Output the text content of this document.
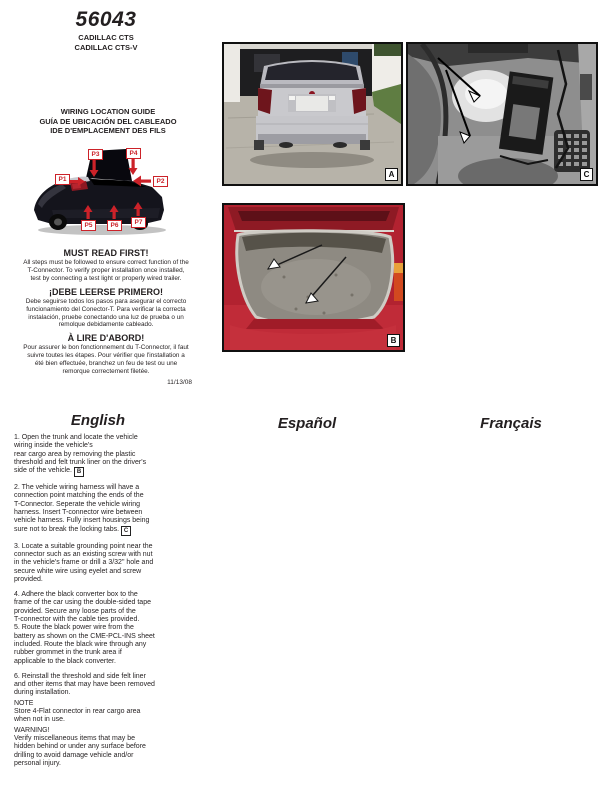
56043
CADILLAC CTS
CADILLAC CTS-V
WIRING LOCATION GUIDE
GUÍA DE UBICACIÓN DEL CABLEADO
IDE D'EMPLACEMENT DES FILS
P1	P2
P3	P4
P5	P6	P7
MUST READ FIRST!
All steps must be followed to ensure correct function of the
T-Connector. To verify proper installation once installed,
test by connecting a test light or properly wired trailer.
¡DEBE LEERSE PRIMERO!
Debe seguirse todos los pasos para asegurar el correcto
funcionamiento del Conector-T. Para verificar la correcta
instalación, pruebe conectando una luz de prueba o un
remolque debidamente cableado.
À LIRE D'ABORD!
Pour assurer le bon fonctionnement du T-Connector, il faut
suivre toutes les étapes. Pour vérifier que l'installation a
été bien effectuée, branchez un feu de test ou une
remorque correctement filetée.
11/13/08
A	C
B
English	Español	Français
1. Open the trunk and locate the vehicle
wiring inside the vehicle's
rear cargo area by removing the plastic
threshold and felt trunk liner on the driver's
side of the vehicle. B
2. The vehicle wiring harness will have a
connection point matching the ends of the
T-Connector. Seperate the vehicle wiring
harness. Insert T-connector wire between
vehicle harness. Fully insert housings being
sure not to break the locking tabs. C
3. Locate a suitable grounding point near the
connector such as an existing screw with nut
in the vehicle's frame or drill a 3/32" hole and
secure white wire using eyelet and screw
provided.
4. Adhere the black converter box to the
frame of the car using the double-sided tape
provided. Secure any loose parts of the
T-connector with the cable ties provided.
5. Route the black power wire from the
battery as shown on the CME-PCL-INS sheet
included. Route the black wire through any
rubber grommet in the trunk area if
applicable to the black converter.
6. Reinstall the threshold and side felt liner
and other items that may have been removed
during installation.
NOTE
Store 4-Flat connector in rear cargo area
when not in use.
WARNING!
Verify miscellaneous items that may be
hidden behind or under any surface before
drilling to avoid damage vehicle and/or
personal injury.
